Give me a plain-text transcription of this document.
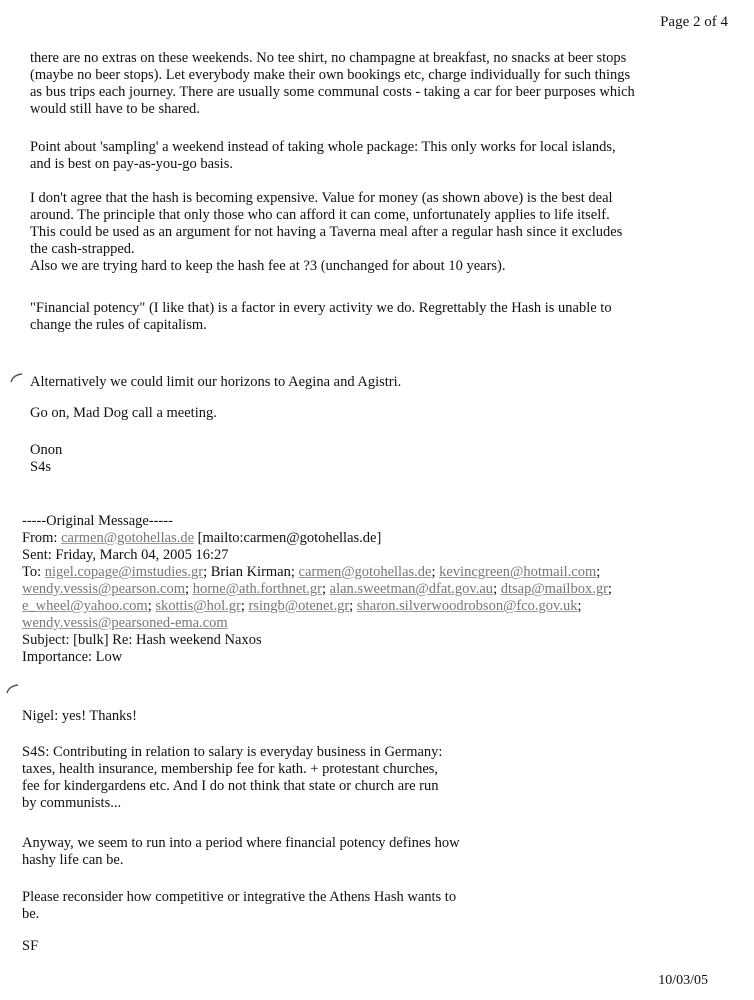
Page 2 of 4
there are no extras on these weekends. No tee shirt, no champagne at breakfast, no snacks at beer stops
(maybe no beer stops). Let everybody make their own bookings etc, charge individually for such things
as bus trips each journey. There are usually some communal costs - taking a car for beer purposes which
would still have to be shared.
Point about 'sampling' a weekend instead of taking whole package: This only works for local islands,
and is best on pay-as-you-go basis.
I don't agree that the hash is becoming expensive. Value for money (as shown above) is the best deal
around. The principle that only those who can afford it can come, unfortunately applies to life itself.
This could be used as an argument for not having a Taverna meal after a regular hash since it excludes
the cash-strapped.
Also we are trying hard to keep the hash fee at ?3 (unchanged for about 10 years).
"Financial potency" (I like that) is a factor in every activity we do. Regrettably the Hash is unable to
change the rules of capitalism.
Alternatively we could limit our horizons to Aegina and Agistri.
Go on, Mad Dog call a meeting.
Onon
S4s
-----Original Message-----
From: carmen@gotohellas.de [mailto:carmen@gotohellas.de]
Sent: Friday, March 04, 2005 16:27
To: nigel.copage@imstudies.gr; Brian Kirman; carmen@gotohellas.de; kevincgreen@hotmail.com;
wendy.vessis@pearson.com; horne@ath.forthnet.gr; alan.sweetman@dfat.gov.au; dtsap@mailbox.gr;
e_wheel@yahoo.com; skottis@hol.gr; rsingb@otenet.gr; sharon.silverwoodrobson@fco.gov.uk;
wendy.vessis@pearsoned-ema.com
Subject: [bulk] Re: Hash weekend Naxos
Importance: Low
Nigel: yes! Thanks!
S4S: Contributing in relation to salary is everyday business in Germany:
taxes, health insurance, membership fee for kath. + protestant churches,
fee for kindergardens etc. And I do not think that state or church are run
by communists...
Anyway, we seem to run into a period where financial potency defines how
hashy life can be.
Please reconsider how competitive or integrative the Athens Hash wants to
be.
SF
10/03/05
